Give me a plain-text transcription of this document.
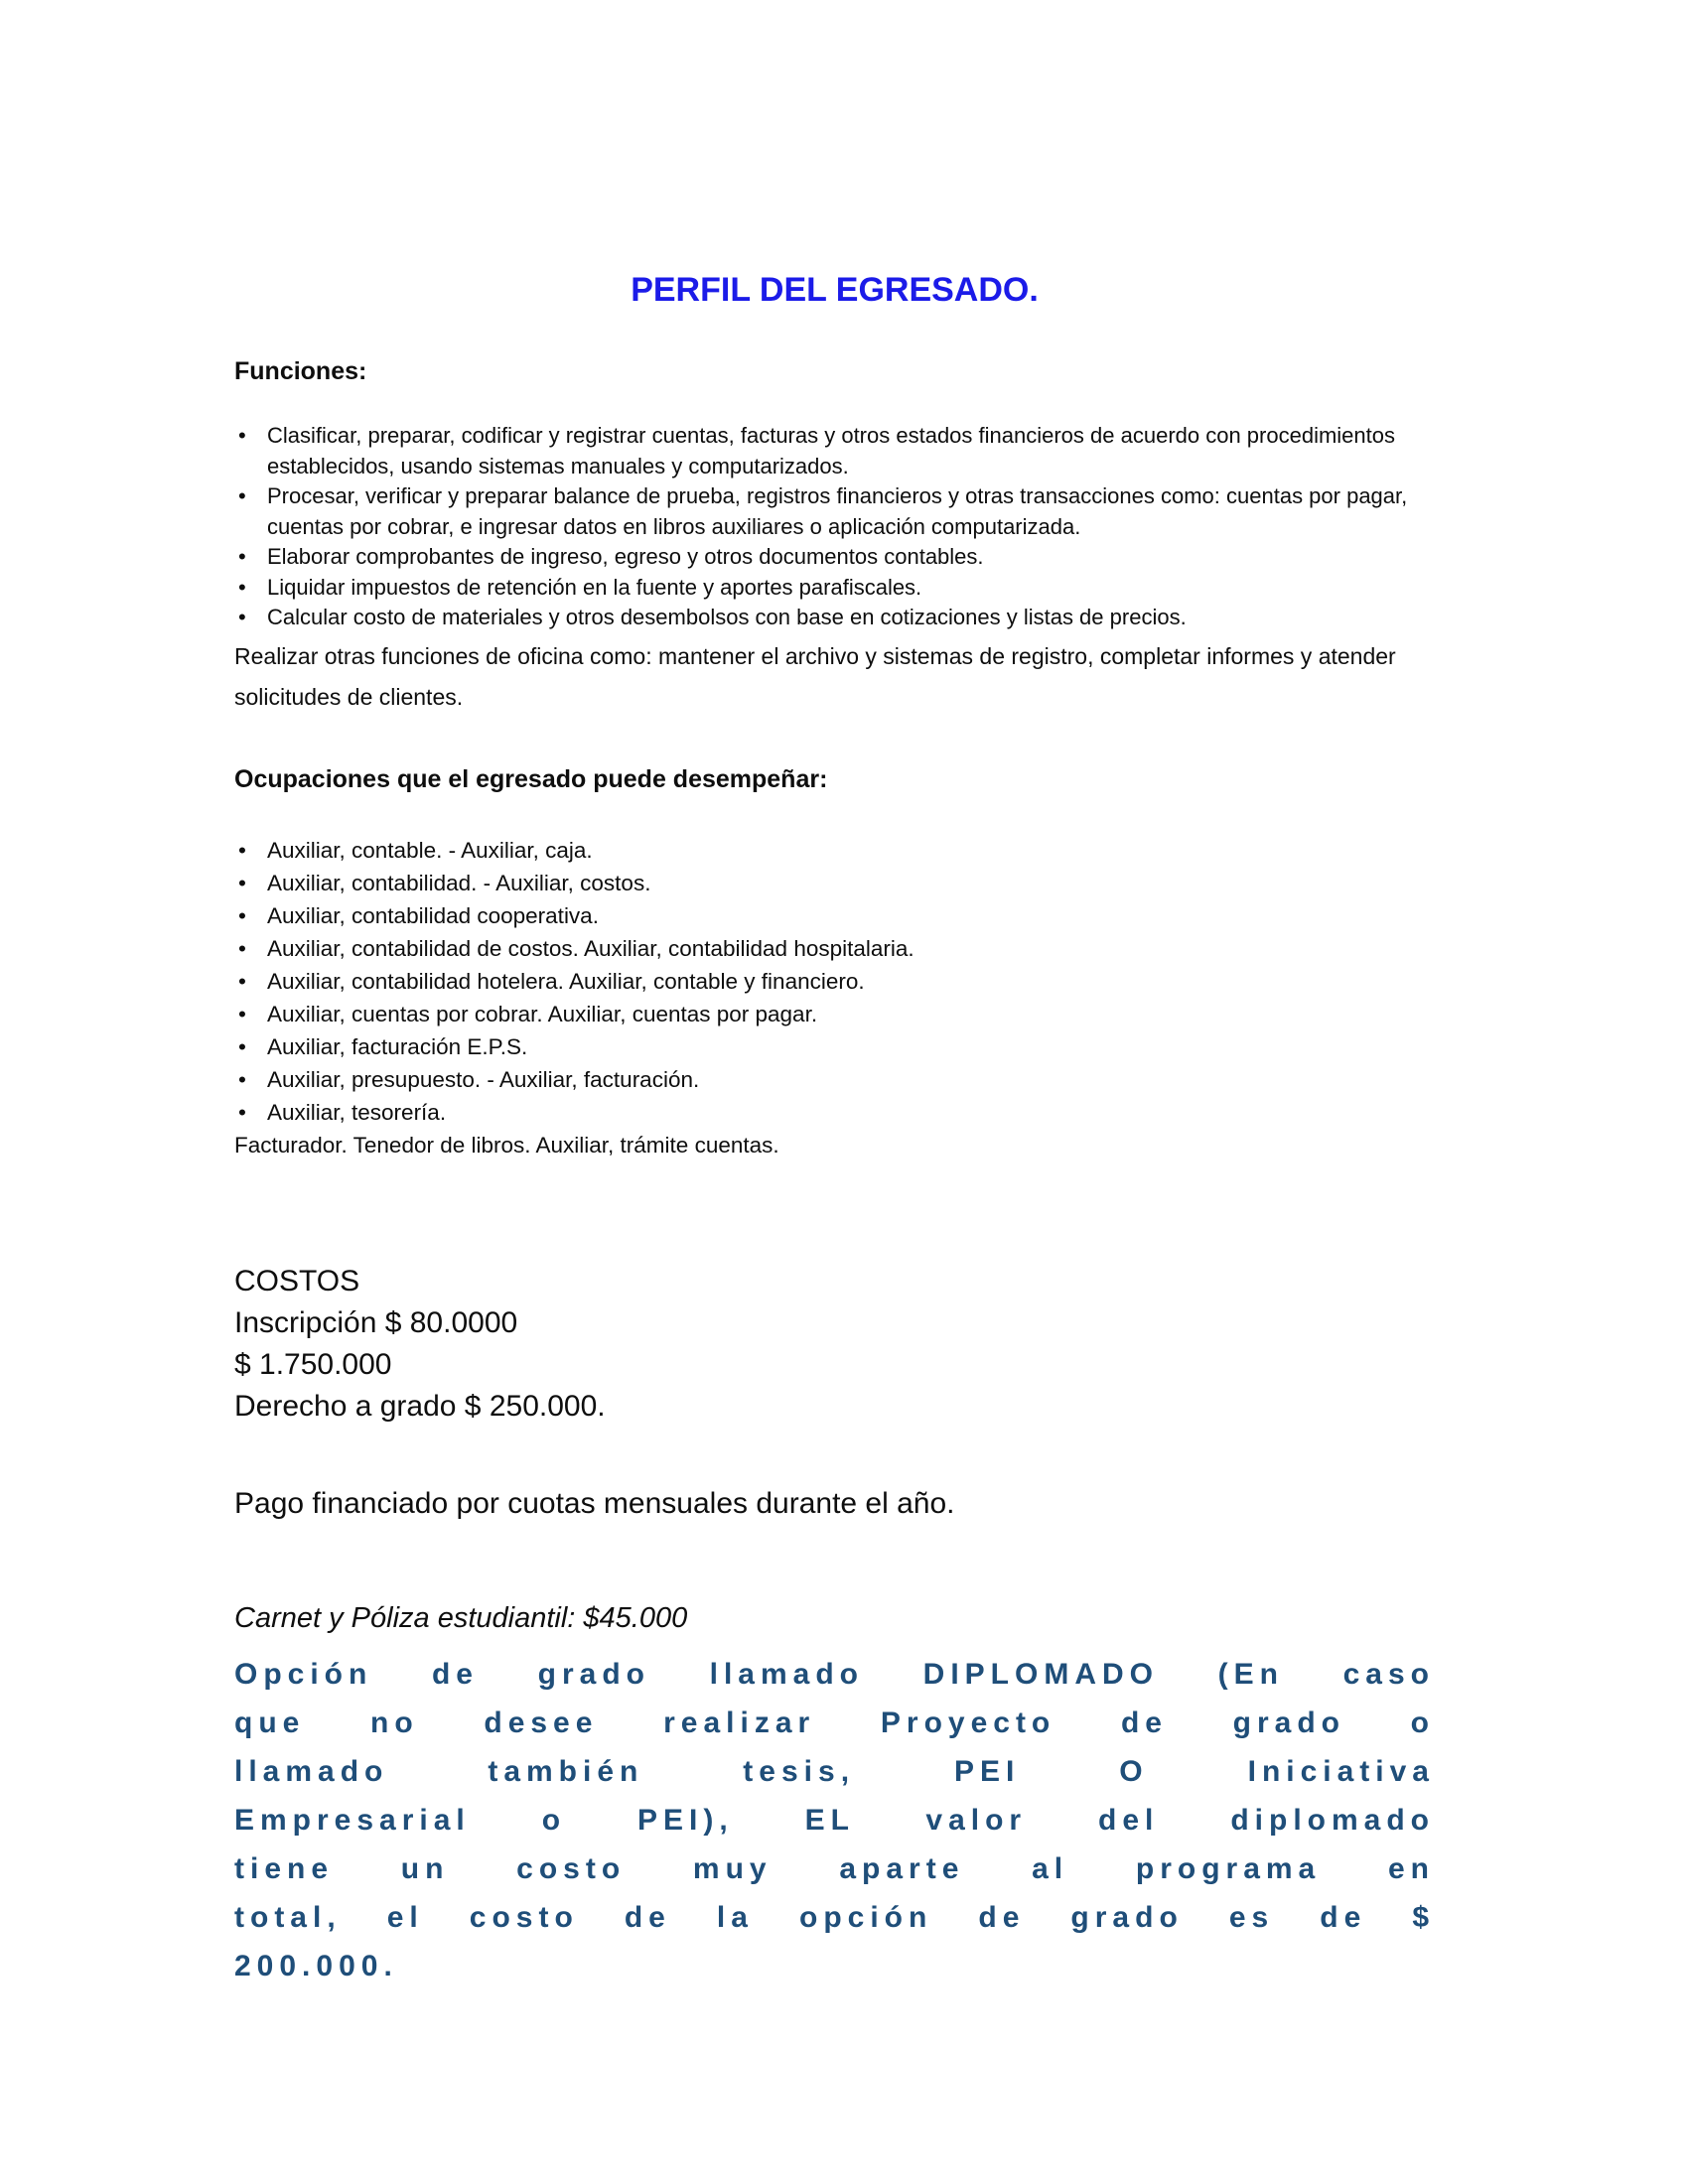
PERFIL DEL EGRESADO.
Funciones:
• Clasificar, preparar, codificar y registrar cuentas, facturas y otros estados financieros de acuerdo con procedimientos establecidos, usando sistemas manuales y computarizados.
• Procesar, verificar y preparar balance de prueba, registros financieros y otras transacciones como: cuentas por pagar, cuentas por cobrar, e ingresar datos en libros auxiliares o aplicación computarizada.
• Elaborar comprobantes de ingreso, egreso y otros documentos contables.
• Liquidar impuestos de retención en la fuente y aportes parafiscales.
• Calcular costo de materiales y otros desembolsos con base en cotizaciones y listas de precios.
Realizar otras funciones de oficina como: mantener el archivo y sistemas de registro, completar informes y atender solicitudes de clientes.
Ocupaciones que el egresado puede desempeñar:
• Auxiliar, contable. - Auxiliar, caja.
• Auxiliar, contabilidad. - Auxiliar, costos.
• Auxiliar, contabilidad cooperativa.
• Auxiliar, contabilidad de costos. Auxiliar, contabilidad hospitalaria.
• Auxiliar, contabilidad hotelera. Auxiliar, contable y financiero.
• Auxiliar, cuentas por cobrar. Auxiliar, cuentas por pagar.
• Auxiliar, facturación E.P.S.
• Auxiliar, presupuesto. - Auxiliar, facturación.
• Auxiliar, tesorería.
Facturador. Tenedor de libros. Auxiliar, trámite cuentas.
COSTOS
Inscripción $ 80.0000
$ 1.750.000
Derecho a grado $ 250.000.
Pago financiado por cuotas mensuales durante el año.
Carnet y Póliza estudiantil: $45.000
Opción de grado llamado DIPLOMADO (En caso
que no desee realizar Proyecto de grado o
llamado también tesis, PEI O Iniciativa
Empresarial o PEI), EL valor del diplomado
tiene un costo muy aparte al programa en
total, el costo de la opción de grado es de $
200.000.
